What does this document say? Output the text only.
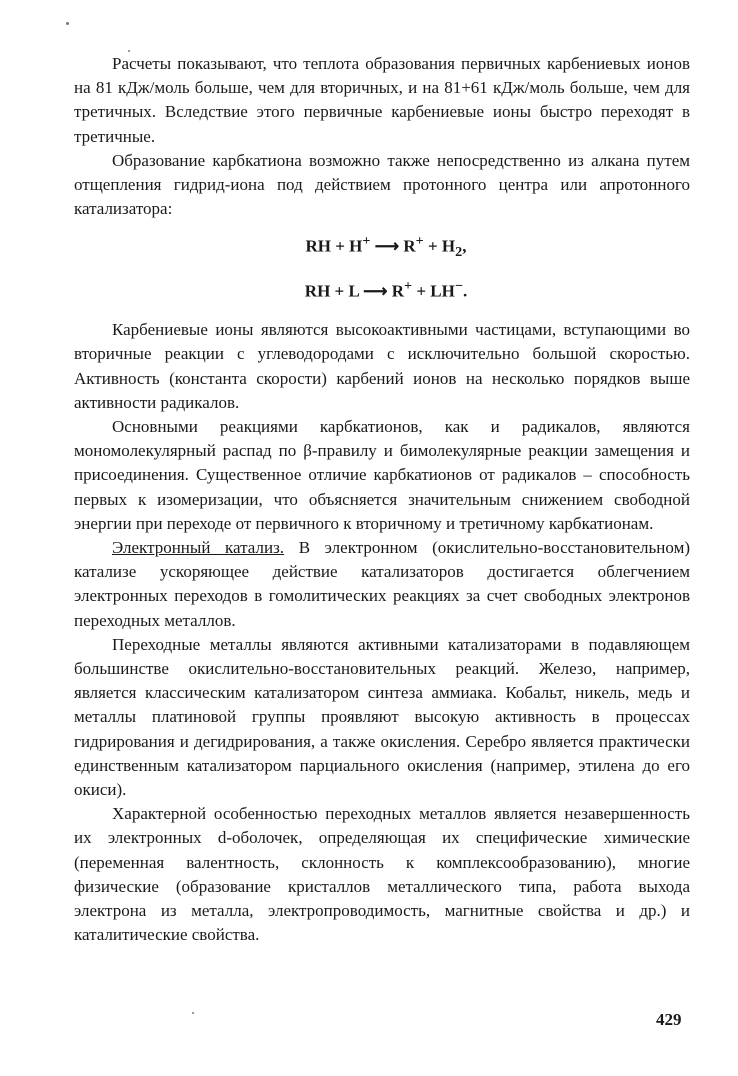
Расчеты показывают, что теплота образования первичных карбениевых ионов на 81 кДж/моль больше, чем для вторичных, и на 81+61 кДж/моль больше, чем для третичных. Вследствие этого первичные карбениевые ионы быстро переходят в третичные.

Образование карбкатиона возможно также непосредственно из алкана путем отщепления гидрид-иона под действием протонного центра или апротонного катализатора:

RH + H+ ⟶ $R^+ + H_2$,
RH + L ⟶ R+ + LH−.

Карбениевые ионы являются высокоактивными частицами, вступающими во вторичные реакции с углеводородами с исключительно большой скоростью. Активность (константа скорости) карбений ионов на несколько порядков выше активности радикалов.

Основными реакциями карбкатионов, как и радикалов, являются мономолекулярный распад по β-правилу и бимолекулярные реакции замещения и присоединения. Существенное отличие карбкатионов от радикалов – способность первых к изомеризации, что объясняется значительным снижением свободной энергии при переходе от первичного к вторичному и третичному карбкатионам.

Электронный катализ. В электронном (окислительно-восстановительном) катализе ускоряющее действие катализаторов достигается облегчением электронных переходов в гомолитических реакциях за счет свободных электронов переходных металлов.

Переходные металлы являются активными катализаторами в подавляющем большинстве окислительно-восстановительных реакций. Железо, например, является классическим катализатором синтеза аммиака. Кобальт, никель, медь и металлы платиновой группы проявляют высокую активность в процессах гидрирования и дегидрирования, а также окисления. Серебро является практически единственным катализатором парциального окисления (например, этилена до его окиси).

Характерной особенностью переходных металлов является незавершенность их электронных d-оболочек, определяющая их специфические химические (переменная валентность, склонность к комплексообразованию), многие физические (образование кристаллов металлического типа, работа выхода электрона из металла, электропроводимость, магнитные свойства и др.) и каталитические свойства.

429
